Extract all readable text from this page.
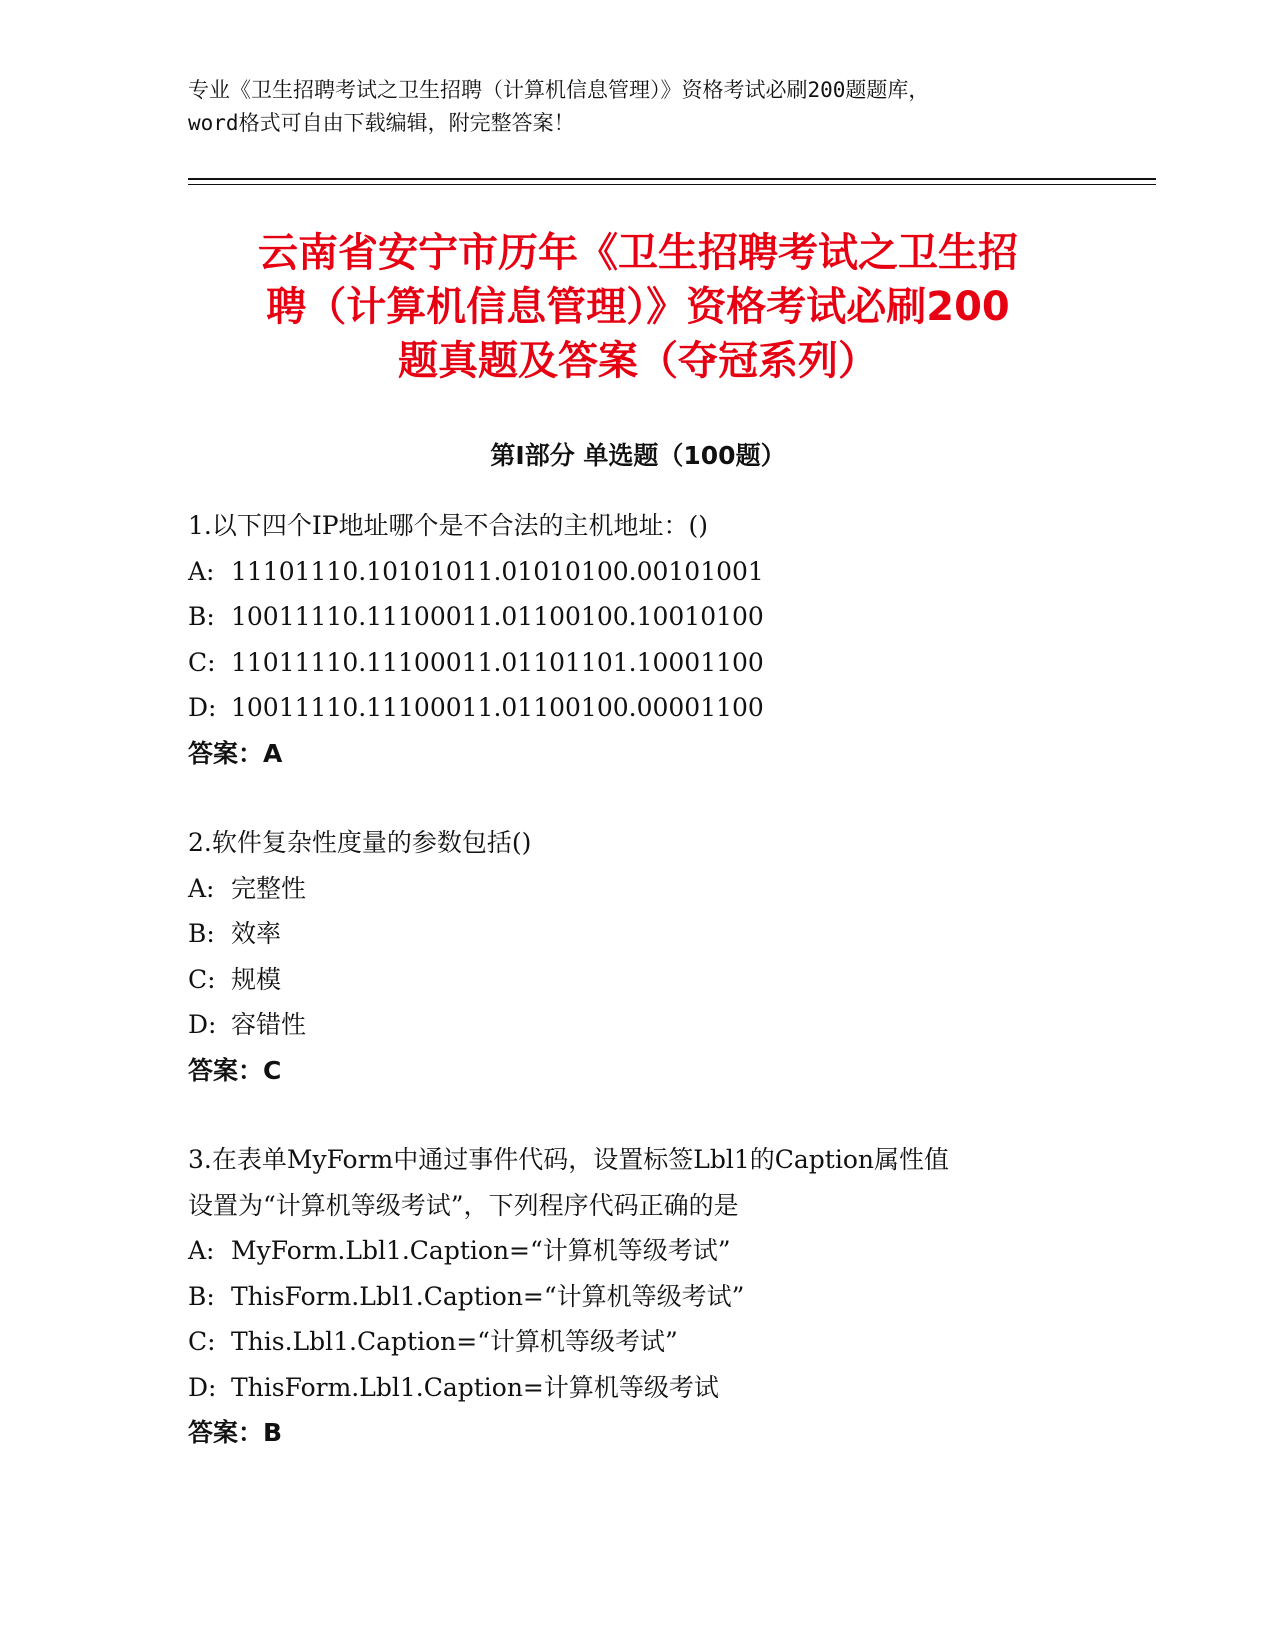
专业《卫生招聘考试之卫生招聘（计算机信息管理）》资格考试必刷200题题库，
word格式可自由下载编辑，附完整答案！
云南省安宁市历年《卫生招聘考试之卫生招
聘（计算机信息管理）》资格考试必刷200
题真题及答案（夺冠系列）
第Ⅰ部分 单选题（100题）
1.以下四个IP地址哪个是不合法的主机地址：()
A: 11101110.10101011.01010100.00101001
B: 10011110.11100011.01100100.10010100
C: 11011110.11100011.01101101.10001100
D: 10011110.11100011.01100100.00001100
答案：A
2.软件复杂性度量的参数包括()
A: 完整性
B: 效率
C: 规模
D: 容错性
答案：C
3.在表单MyForm中通过事件代码，设置标签Lbl1的Caption属性值
设置为“计算机等级考试”，下列程序代码正确的是
A: MyForm.Lbl1.Caption=“计算机等级考试”
B: ThisForm.Lbl1.Caption=“计算机等级考试”
C: This.Lbl1.Caption=“计算机等级考试”
D: ThisForm.Lbl1.Caption=计算机等级考试
答案：B
